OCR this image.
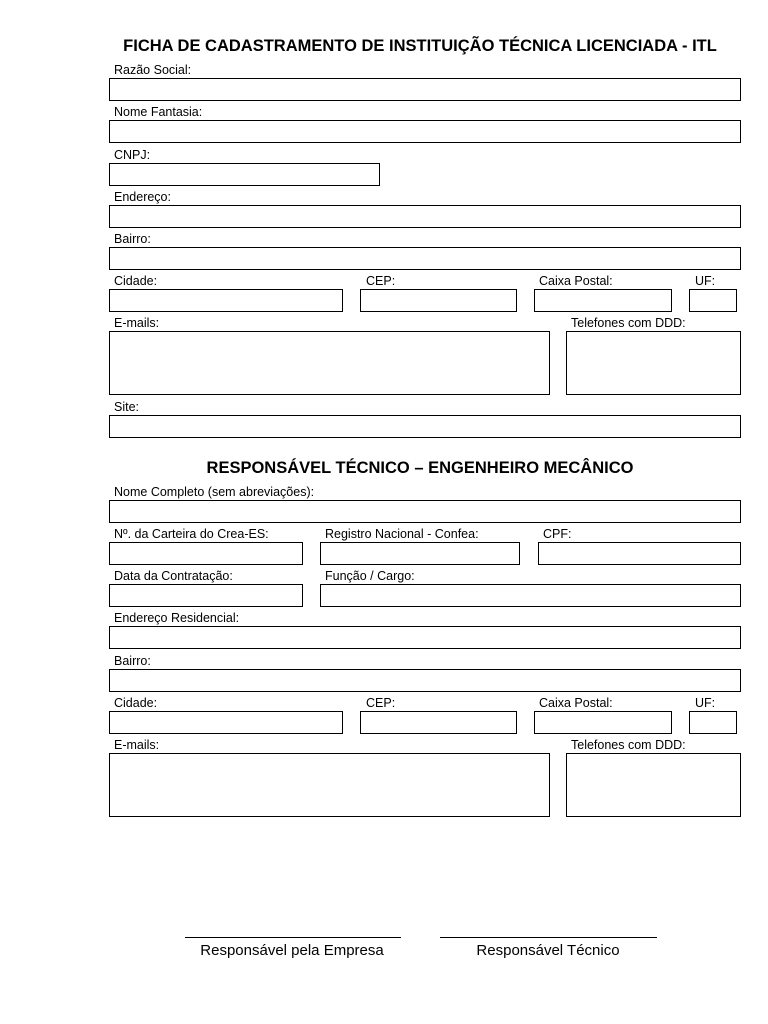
FICHA DE CADASTRAMENTO DE INSTITUIÇÃO TÉCNICA LICENCIADA - ITL
Razão Social:
Nome Fantasia:
CNPJ:
Endereço:
Bairro:
Cidade:	CEP:	Caixa Postal:	UF:
E-mails:	Telefones com DDD:
Site:
RESPONSÁVEL TÉCNICO – ENGENHEIRO MECÂNICO
Nome Completo (sem abreviações):
Nº. da Carteira do Crea-ES:	Registro Nacional - Confea:	CPF:
Data da Contratação:	Função / Cargo:
Endereço Residencial:
Bairro:
Cidade:	CEP:	Caixa Postal:	UF:
E-mails:	Telefones com DDD:
Responsável pela Empresa	Responsável Técnico
